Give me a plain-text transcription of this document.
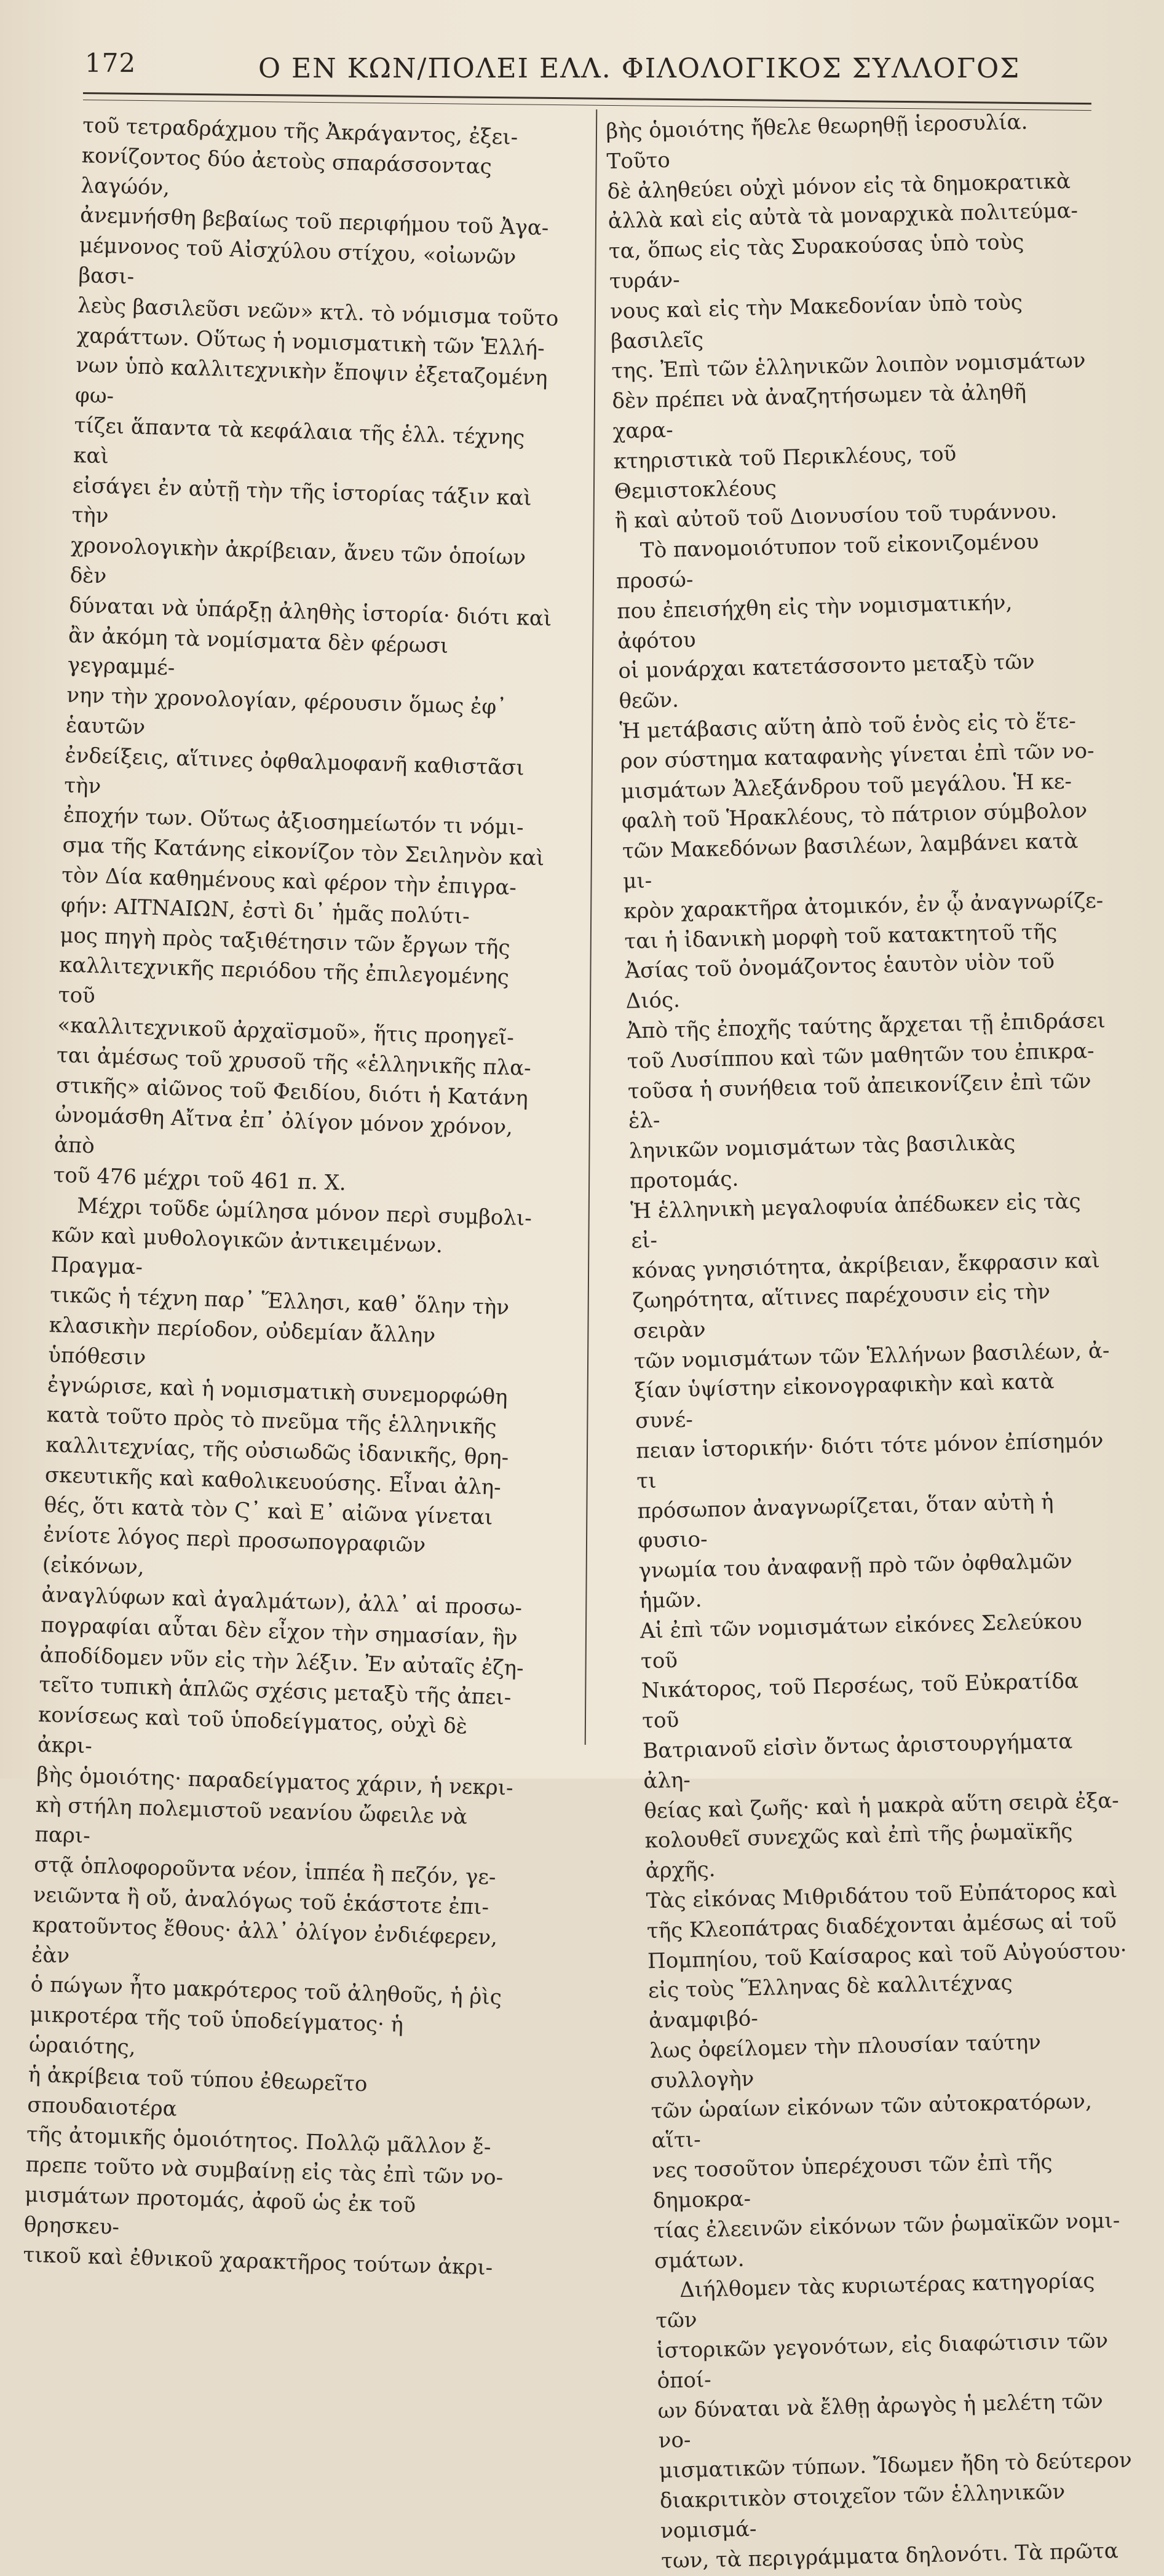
172	Ο ΕΝ ΚΩΝ/ΠΟΛΕΙ ΕΛΛ. ΦΙΛΟΛΟΓΙΚΟΣ ΣΥΛΛΟΓΟΣ

τοῦ τετραδράχμου τῆς Ἀκράγαντος, ἐξει-
κονίζοντος δύο ἀετοὺς σπαράσσοντας λαγώόν,
ἀνεμνήσθη βεβαίως τοῦ περιφήμου τοῦ Ἀγα-
μέμνονος τοῦ Αἰσχύλου στίχου, «οἰωνῶν βασι-
λεὺς βασιλεῦσι νεῶν» κτλ. τὸ νόμισμα τοῦτο
χαράττων. Οὕτως ἡ νομισματικὴ τῶν Ἑλλή-
νων ὑπὸ καλλιτεχνικὴν ἔποψιν ἐξεταζομένη φω-
τίζει ἅπαντα τὰ κεφάλαια τῆς ἑλλ. τέχνης καὶ
εἰσάγει ἐν αὐτῇ τὴν τῆς ἱστορίας τάξιν καὶ τὴν
χρονολογικὴν ἀκρίβειαν, ἄνευ τῶν ὁποίων δὲν
δύναται νὰ ὑπάρξῃ ἀληθὴς ἱστορία· διότι καὶ
ἂν ἀκόμη τὰ νομίσματα δὲν φέρωσι γεγραμμέ-
νην τὴν χρονολογίαν, φέρουσιν ὅμως ἐφ᾽ ἑαυτῶν
ἐνδείξεις, αἵτινες ὀφθαλμοφανῆ καθιστᾶσι τὴν
ἐποχήν των. Οὕτως ἀξιοσημείωτόν τι νόμι-
σμα τῆς Κατάνης εἰκονίζον τὸν Σειληνὸν καὶ
τὸν Δία καθημένους καὶ φέρον τὴν ἐπιγρα-
φήν: ΑΙΤΝΑΙΩΝ, ἐστὶ δι᾽ ἡμᾶς πολύτι-
μος πηγὴ πρὸς ταξιθέτησιν τῶν ἔργων τῆς
καλλιτεχνικῆς περιόδου τῆς ἐπιλεγομένης τοῦ
«καλλιτεχνικοῦ ἀρχαϊσμοῦ», ἥτις προηγεῖ-
ται ἀμέσως τοῦ χρυσοῦ τῆς «ἑλληνικῆς πλα-
στικῆς» αἰῶνος τοῦ Φειδίου, διότι ἡ Κατάνη
ὠνομάσθη Αἴτνα ἐπ᾽ ὀλίγον μόνον χρόνον, ἀπὸ
τοῦ 476 μέχρι τοῦ 461 π. Χ.

Μέχρι τοῦδε ὡμίλησα μόνον περὶ συμβολι-
κῶν καὶ μυθολογικῶν ἀντικειμένων. Πραγμα-
τικῶς ἡ τέχνη παρ᾽ Ἕλλησι, καθ᾽ ὅλην τὴν
κλασικὴν περίοδον, οὐδεμίαν ἄλλην ὑπόθεσιν
ἐγνώρισε, καὶ ἡ νομισματικὴ συνεμορφώθη
κατὰ τοῦτο πρὸς τὸ πνεῦμα τῆς ἑλληνικῆς
καλλιτεχνίας, τῆς οὐσιωδῶς ἰδανικῆς, θρη-
σκευτικῆς καὶ καθολικευούσης. Εἶναι ἀλη-
θές, ὅτι κατὰ τὸν Ϛ᾽ καὶ Ε᾽ αἰῶνα γίνεται
ἐνίοτε λόγος περὶ προσωπογραφιῶν (εἰκόνων,
ἀναγλύφων καὶ ἀγαλμάτων), ἀλλ᾽ αἱ προσω-
πογραφίαι αὗται δὲν εἶχον τὴν σημασίαν, ἣν
ἀποδίδομεν νῦν εἰς τὴν λέξιν. Ἐν αὐταῖς ἐζη-
τεῖτο τυπικὴ ἁπλῶς σχέσις μεταξὺ τῆς ἀπει-
κονίσεως καὶ τοῦ ὑποδείγματος, οὐχὶ δὲ ἀκρι-
βὴς ὁμοιότης· παραδείγματος χάριν, ἡ νεκρι-
κὴ στήλη πολεμιστοῦ νεανίου ὤφειλε νὰ παρι-
στᾷ ὁπλοφοροῦντα νέον, ἱππέα ἢ πεζόν, γε-
νειῶντα ἢ οὔ, ἀναλόγως τοῦ ἑκάστοτε ἐπι-
κρατοῦντος ἔθους· ἀλλ᾽ ὀλίγον ἐνδιέφερεν, ἐὰν
ὁ πώγων ἦτο μακρότερος τοῦ ἀληθοῦς, ἡ ῥὶς
μικροτέρα τῆς τοῦ ὑποδείγματος· ἡ ὡραιότης,
ἡ ἀκρίβεια τοῦ τύπου ἐθεωρεῖτο σπουδαιοτέρα
τῆς ἀτομικῆς ὁμοιότητος. Πολλῷ μᾶλλον ἔ-
πρεπε τοῦτο νὰ συμβαίνῃ εἰς τὰς ἐπὶ τῶν νο-
μισμάτων προτομάς, ἀφοῦ ὡς ἐκ τοῦ θρησκευ-
τικοῦ καὶ ἐθνικοῦ χαρακτῆρος τούτων ἀκρι-

βὴς ὁμοιότης ἤθελε θεωρηθῇ ἱεροσυλία. Τοῦτο
δὲ ἀληθεύει οὐχὶ μόνον εἰς τὰ δημοκρατικὰ
ἀλλὰ καὶ εἰς αὐτὰ τὰ μοναρχικὰ πολιτεύμα-
τα, ὅπως εἰς τὰς Συρακούσας ὑπὸ τοὺς τυράν-
νους καὶ εἰς τὴν Μακεδονίαν ὑπὸ τοὺς βασιλεῖς
της. Ἐπὶ τῶν ἑλληνικῶν λοιπὸν νομισμάτων
δὲν πρέπει νὰ ἀναζητήσωμεν τὰ ἀληθῆ χαρα-
κτηριστικὰ τοῦ Περικλέους, τοῦ Θεμιστοκλέους
ἢ καὶ αὐτοῦ τοῦ Διονυσίου τοῦ τυράννου.

Τὸ πανομοιότυπον τοῦ εἰκονιζομένου προσώ-
που ἐπεισήχθη εἰς τὴν νομισματικήν, ἀφότου
οἱ μονάρχαι κατετάσσοντο μεταξὺ τῶν θεῶν.
Ἡ μετάβασις αὕτη ἀπὸ τοῦ ἑνὸς εἰς τὸ ἕτε-
ρον σύστημα καταφανὴς γίνεται ἐπὶ τῶν νο-
μισμάτων Ἀλεξάνδρου τοῦ μεγάλου. Ἡ κε-
φαλὴ τοῦ Ἡρακλέους, τὸ πάτριον σύμβολον
τῶν Μακεδόνων βασιλέων, λαμβάνει κατὰ μι-
κρὸν χαρακτῆρα ἀτομικόν, ἐν ᾧ ἀναγνωρίζε-
ται ἡ ἰδανικὴ μορφὴ τοῦ κατακτητοῦ τῆς
Ἀσίας τοῦ ὀνομάζοντος ἑαυτὸν υἱὸν τοῦ Διός.
Ἀπὸ τῆς ἐποχῆς ταύτης ἄρχεται τῇ ἐπιδράσει
τοῦ Λυσίππου καὶ τῶν μαθητῶν του ἐπικρα-
τοῦσα ἡ συνήθεια τοῦ ἀπεικονίζειν ἐπὶ τῶν ἑλ-
ληνικῶν νομισμάτων τὰς βασιλικὰς προτομάς.
Ἡ ἑλληνικὴ μεγαλοφυία ἀπέδωκεν εἰς τὰς εἰ-
κόνας γνησιότητα, ἀκρίβειαν, ἔκφρασιν καὶ
ζωηρότητα, αἵτινες παρέχουσιν εἰς τὴν σειρὰν
τῶν νομισμάτων τῶν Ἑλλήνων βασιλέων, ἀ-
ξίαν ὑψίστην εἰκονογραφικὴν καὶ κατὰ συνέ-
πειαν ἱστορικήν· διότι τότε μόνον ἐπίσημόν τι
πρόσωπον ἀναγνωρίζεται, ὅταν αὐτὴ ἡ φυσιο-
γνωμία του ἀναφανῇ πρὸ τῶν ὀφθαλμῶν ἡμῶν.
Αἱ ἐπὶ τῶν νομισμάτων εἰκόνες Σελεύκου τοῦ
Νικάτορος, τοῦ Περσέως, τοῦ Εὐκρατίδα τοῦ
Βατριανοῦ εἰσὶν ὄντως ἀριστουργήματα ἀλη-
θείας καὶ ζωῆς· καὶ ἡ μακρὰ αὕτη σειρὰ ἐξα-
κολουθεῖ συνεχῶς καὶ ἐπὶ τῆς ῥωμαϊκῆς ἀρχῆς.
Τὰς εἰκόνας Μιθριδάτου τοῦ Εὐπάτορος καὶ
τῆς Κλεοπάτρας διαδέχονται ἀμέσως αἱ τοῦ
Πομπηίου, τοῦ Καίσαρος καὶ τοῦ Αὐγούστου·
εἰς τοὺς Ἕλληνας δὲ καλλιτέχνας ἀναμφιβό-
λως ὀφείλομεν τὴν πλουσίαν ταύτην συλλογὴν
τῶν ὡραίων εἰκόνων τῶν αὐτοκρατόρων, αἵτι-
νες τοσοῦτον ὑπερέχουσι τῶν ἐπὶ τῆς δημοκρα-
τίας ἐλεεινῶν εἰκόνων τῶν ῥωμαϊκῶν νομι-
σμάτων.

Διήλθομεν τὰς κυριωτέρας κατηγορίας τῶν
ἱστορικῶν γεγονότων, εἰς διαφώτισιν τῶν ὁποί-
ων δύναται νὰ ἔλθῃ ἀρωγὸς ἡ μελέτη τῶν νο-
μισματικῶν τύπων. Ἴδωμεν ἤδη τὸ δεύτερον
διακριτικὸν στοιχεῖον τῶν ἑλληνικῶν νομισμά-
των, τὰ περιγράμματα δηλονότι. Τὰ πρῶτα
